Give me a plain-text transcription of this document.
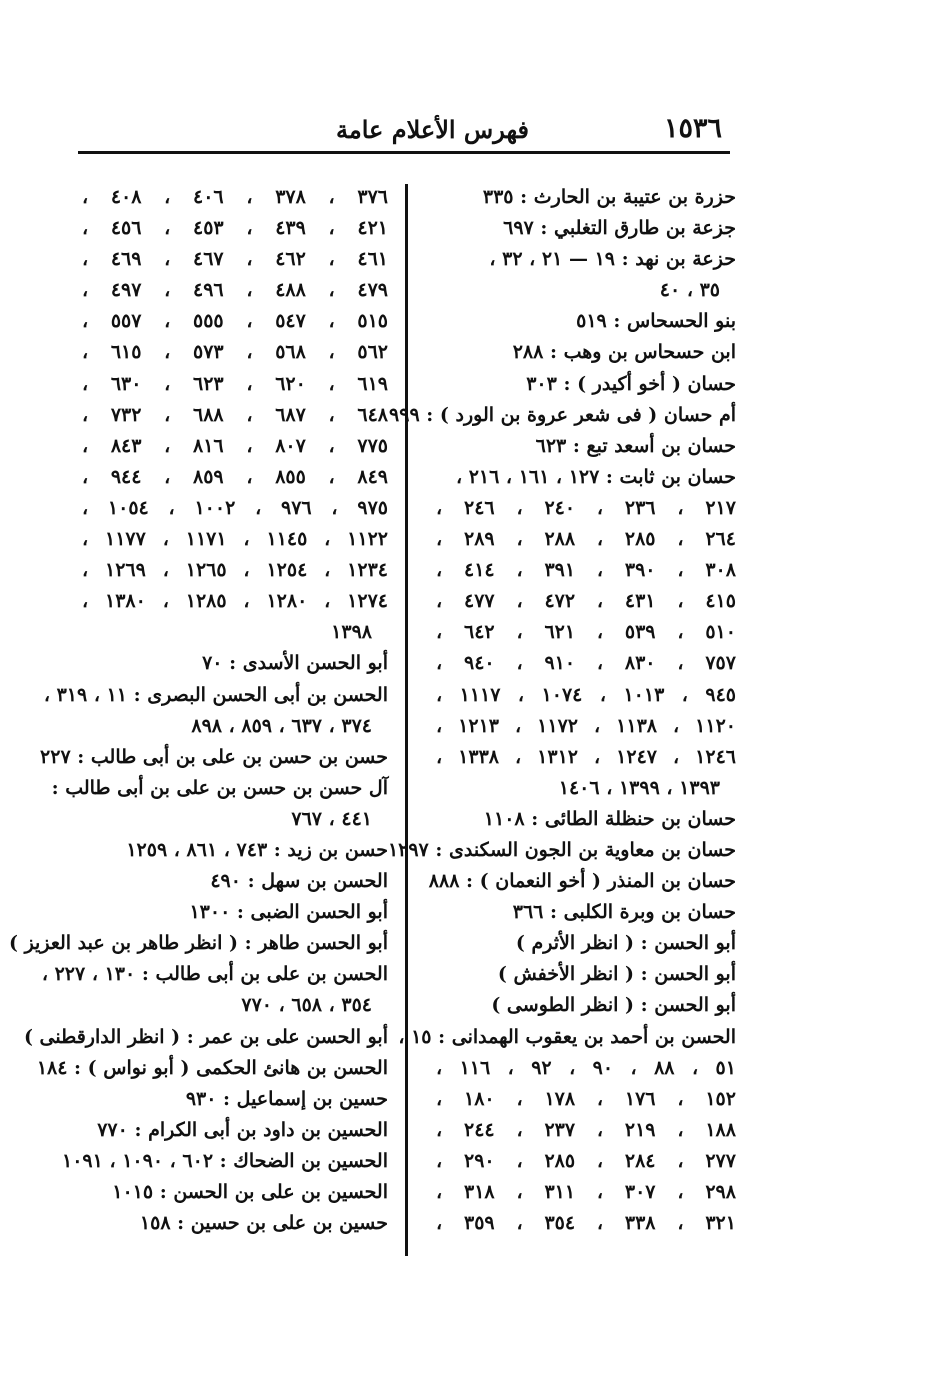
١٥٣٦
فهرس الأعلام عامة
حزرة بن عتيبة بن الحارث : ٣٣٥
جزعة بن طارق التغلبي : ٦٩٧
حزعة بن نهد : ١٩ — ٢١ ، ٣٢ ،
٣٥ ، ٤٠
بنو الحسحاس : ٥١٩
ابن حسحاس بن وهب : ٢٨٨
حسان ( أخو أكيدر ) : ٣٠٣
أم حسان ( فى شعر عروة بن الورد ) : ٩٩٩
حسان بن أسعد تبع : ٦٢٣
حسان بن ثابت : ١٢٧ ، ١٦١ ، ٢١٦ ،
٢١٧ ، ٢٣٦ ، ٢٤٠ ، ٢٤٦ ،
٢٦٤ ، ٢٨٥ ، ٢٨٨ ، ٢٨٩ ،
٣٠٨ ، ٣٩٠ ، ٣٩١ ، ٤١٤ ،
٤١٥ ، ٤٣١ ، ٤٧٢ ، ٤٧٧ ،
٥١٠ ، ٥٣٩ ، ٦٢١ ، ٦٤٢ ،
٧٥٧ ، ٨٣٠ ، ٩١٠ ، ٩٤٠ ،
٩٤٥ ، ١٠١٣ ، ١٠٧٤ ، ١١١٧ ،
١١٢٠ ، ١١٣٨ ، ١١٧٢ ، ١٢١٣ ،
١٢٤٦ ، ١٢٤٧ ، ١٣١٢ ، ١٣٣٨ ،
١٣٩٣ ، ١٣٩٩ ، ١٤٠٦
حسان بن حنظلة الطائى : ١١٠٨
حسان بن معاوية بن الجون السكندى : ١٢٩٧
حسان بن المنذر ( أخو النعمان ) : ٨٨٨
حسان بن وبرة الكلبى : ٣٦٦
أبو الحسن : ( انظر الأثرم )
أبو الحسن : ( انظر الأخفش )
أبو الحسن : ( انظر الطوسى )
الحسن بن أحمد بن يعقوب الهمدانى : ١٥ ،
٥١ ، ٨٨ ، ٩٠ ، ٩٢ ، ١١٦ ،
١٥٢ ، ١٧٦ ، ١٧٨ ، ١٨٠ ،
١٨٨ ، ٢١٩ ، ٢٣٧ ، ٢٤٤ ،
٢٧٧ ، ٢٨٤ ، ٢٨٥ ، ٢٩٠ ،
٢٩٨ ، ٣٠٧ ، ٣١١ ، ٣١٨ ،
٣٢١ ، ٣٣٨ ، ٣٥٤ ، ٣٥٩ ،
٣٧٦ ، ٣٧٨ ، ٤٠٦ ، ٤٠٨ ،
٤٢١ ، ٤٣٩ ، ٤٥٣ ، ٤٥٦ ،
٤٦١ ، ٤٦٢ ، ٤٦٧ ، ٤٦٩ ،
٤٧٩ ، ٤٨٨ ، ٤٩٦ ، ٤٩٧ ،
٥١٥ ، ٥٤٧ ، ٥٥٥ ، ٥٥٧ ،
٥٦٢ ، ٥٦٨ ، ٥٧٣ ، ٦١٥ ،
٦١٩ ، ٦٢٠ ، ٦٢٣ ، ٦٣٠ ،
٦٤٨ ، ٦٨٧ ، ٦٨٨ ، ٧٣٢ ،
٧٧٥ ، ٨٠٧ ، ٨١٦ ، ٨٤٣ ،
٨٤٩ ، ٨٥٥ ، ٨٥٩ ، ٩٤٤ ،
٩٧٥ ، ٩٧٦ ، ١٠٠٢ ، ١٠٥٤ ،
١١٢٢ ، ١١٤٥ ، ١١٧١ ، ١١٧٧ ،
١٢٣٤ ، ١٢٥٤ ، ١٢٦٥ ، ١٢٦٩ ،
١٢٧٤ ، ١٢٨٠ ، ١٢٨٥ ، ١٣٨٠ ،
١٣٩٨
أبو الحسن الأسدى : ٧٠
الحسن بن أبى الحسن البصرى : ١١ ، ٣١٩ ،
٣٧٤ ، ٦٣٧ ، ٨٥٩ ، ٨٩٨
حسن بن حسن بن على بن أبى طالب : ٢٢٧
آل حسن بن حسن بن على بن أبى طالب :
٤٤١ ، ٧٦٧
حسن بن زيد : ٧٤٣ ، ٨٦١ ، ١٢٥٩
الحسن بن سهل : ٤٩٠
أبو الحسن الضبى : ١٣٠٠
أبو الحسن طاهر : ( انظر طاهر بن عبد العزيز )
الحسن بن على بن أبى طالب : ١٣٠ ، ٢٢٧ ،
٣٥٤ ، ٦٥٨ ، ٧٧٠
أبو الحسن على بن عمر : ( انظر الدارقطنى )
الحسن بن هانئ الحكمى ( أبو نواس ) : ١٨٤
حسين بن إسماعيل : ٩٣٠
الحسين بن داود بن أبى الكرام : ٧٧٠
الحسين بن الضحاك : ٦٠٢ ، ١٠٩٠ ، ١٠٩١
الحسين بن على بن الحسن : ١٠١٥
حسين بن على بن حسين : ١٥٨
